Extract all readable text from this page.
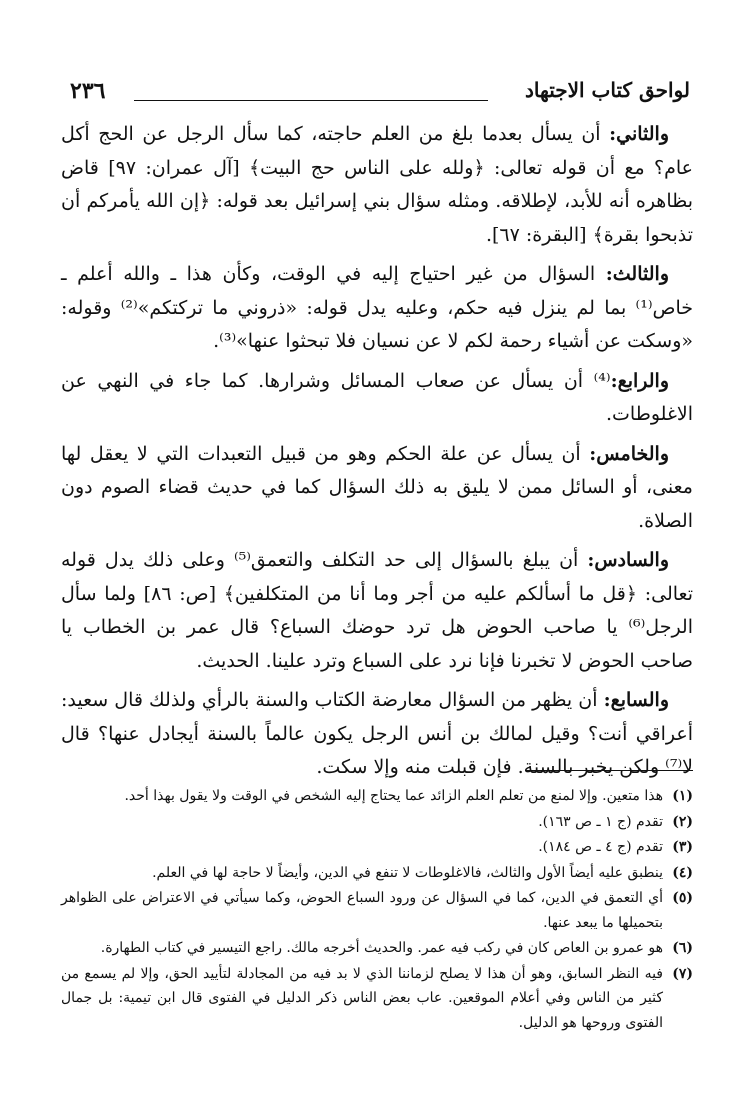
٢٣٦	لواحق كتاب الاجتهاد

والثاني: أن يسأل بعدما بلغ من العلم حاجته، كما سأل الرجل عن الحج أكل عام؟ مع أن قوله تعالى: ﴿ولله على الناس حج البيت﴾ [آل عمران: ٩٧] قاض بظاهره أنه للأبد، لإطلاقه. ومثله سؤال بني إسرائيل بعد قوله: ﴿إن الله يأمركم أن تذبحوا بقرة﴾ [البقرة: ٦٧].

والثالث: السؤال من غير احتياج إليه في الوقت، وكأن هذا ـ والله أعلم ـ خاص⁽¹⁾ بما لم ينزل فيه حكم، وعليه يدل قوله: «ذروني ما تركتكم»⁽²⁾ وقوله: «وسكت عن أشياء رحمة لكم لا عن نسيان فلا تبحثوا عنها»⁽³⁾.

والرابع:⁽⁴⁾ أن يسأل عن صعاب المسائل وشرارها. كما جاء في النهي عن الاغلوطات.

والخامس: أن يسأل عن علة الحكم وهو من قبيل التعبدات التي لا يعقل لها معنى، أو السائل ممن لا يليق به ذلك السؤال كما في حديث قضاء الصوم دون الصلاة.

والسادس: أن يبلغ بالسؤال إلى حد التكلف والتعمق⁽⁵⁾ وعلى ذلك يدل قوله تعالى: ﴿قل ما أسألكم عليه من أجر وما أنا من المتكلفين﴾ [ص: ٨٦] ولما سأل الرجل⁽⁶⁾ يا صاحب الحوض هل ترد حوضك السباع؟ قال عمر بن الخطاب يا صاحب الحوض لا تخبرنا فإنا نرد على السباع وترد علينا. الحديث.

والسابع: أن يظهر من السؤال معارضة الكتاب والسنة بالرأي ولذلك قال سعيد: أعراقي أنت؟ وقيل لمالك بن أنس الرجل يكون عالماً بالسنة أيجادل عنها؟ قال لا⁽⁷⁾ ولكن يخبر بالسنة. فإن قبلت منه وإلا سكت.

(١)
هذا متعين. وإلا لمنع من تعلم العلم الزائد عما يحتاج إليه الشخص في الوقت ولا يقول بهذا أحد.
(٢)
تقدم (ج ١ ـ ص ١٦٣).
(٣)
تقدم (ج ٤ ـ ص ١٨٤).
(٤)
ينطبق عليه أيضاً الأول والثالث، فالاغلوطات لا تنفع في الدين، وأيضاً لا حاجة لها في العلم.
(٥)
أي التعمق في الدين، كما في السؤال عن ورود السباع الحوض، وكما سيأتي في الاعتراض على الظواهر بتحميلها ما يبعد عنها.
(٦)
هو عمرو بن العاص كان في ركب فيه عمر. والحديث أخرجه مالك. راجع التيسير في كتاب الطهارة.
(٧)
فيه النظر السابق، وهو أن هذا لا يصلح لزماننا الذي لا بد فيه من المجادلة لتأييد الحق، وإلا لم يسمع من كثير من الناس وفي أعلام الموقعين. عاب بعض الناس ذكر الدليل في الفتوى قال ابن تيمية: بل جمال الفتوى وروحها هو الدليل.
